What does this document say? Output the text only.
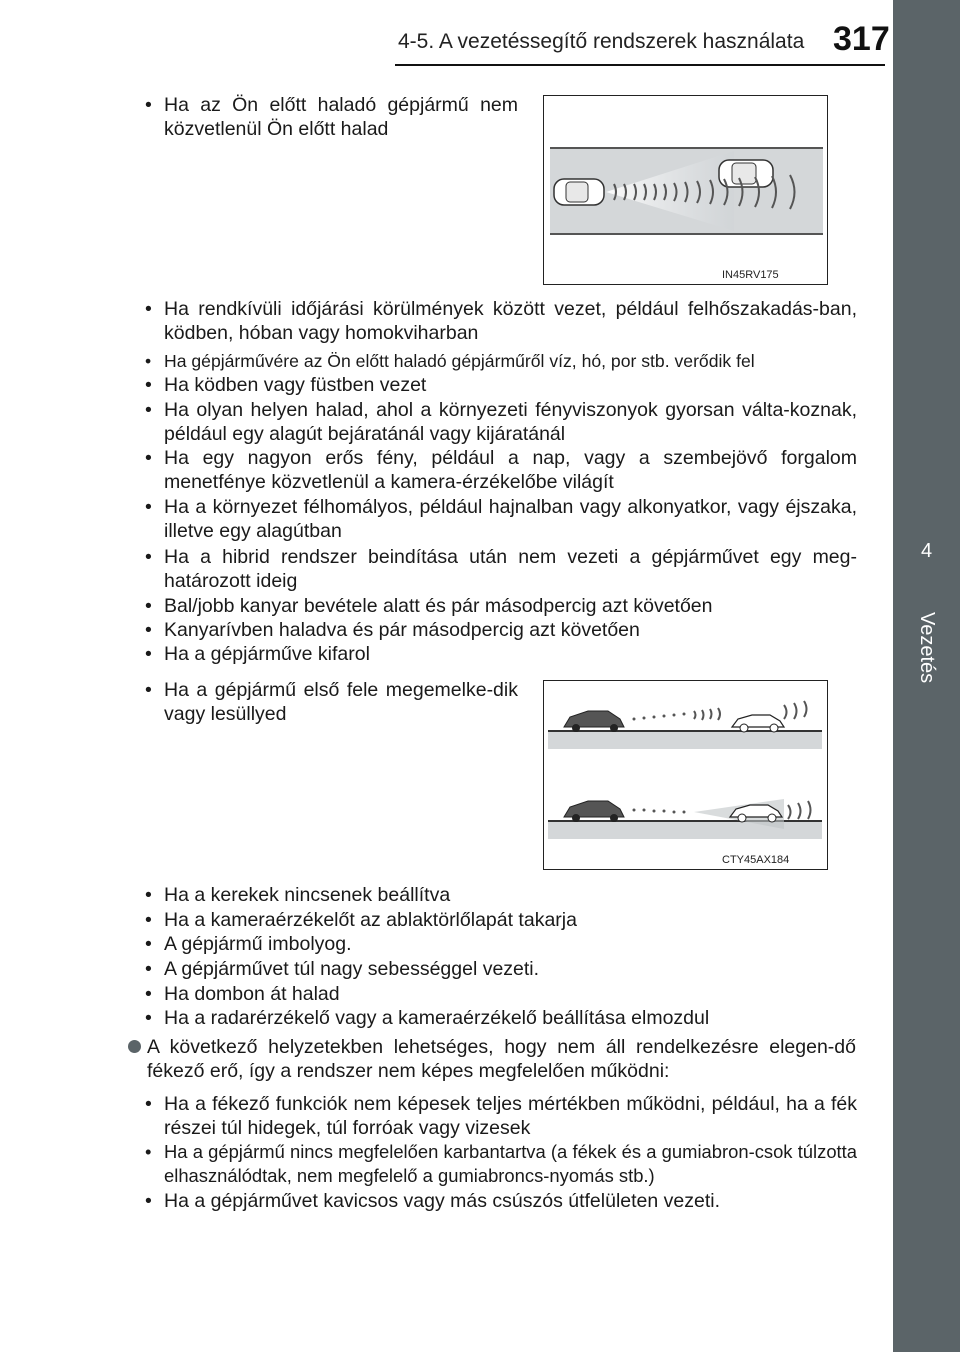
4-5. A vezetéssegítő rendszerek használata 317
4
Vezetés
• Ha az Ön előtt haladó gépjármű nem közvetlenül Ön előtt halad
IN45RV175
• Ha rendkívüli időjárási körülmények között vezet, például felhőszakadás-ban, ködben, hóban vagy homokviharban
• Ha gépjárművére az Ön előtt haladó gépjárműről víz, hó, por stb. verődik fel
• Ha ködben vagy füstben vezet
• Ha olyan helyen halad, ahol a környezeti fényviszonyok gyorsan válta-koznak, például egy alagút bejáratánál vagy kijáratánál
• Ha egy nagyon erős fény, például a nap, vagy a szembejövő forgalom menetfénye közvetlenül a kamera-érzékelőbe világít
• Ha a környezet félhomályos, például hajnalban vagy alkonyatkor, vagy éjszaka, illetve egy alagútban
• Ha a hibrid rendszer beindítása után nem vezeti a gépjárművet egy meg-határozott ideig
• Bal/jobb kanyar bevétele alatt és pár másodpercig azt követően
• Kanyarívben haladva és pár másodpercig azt követően
• Ha a gépjárműve kifarol
• Ha a gépjármű első fele megemelke-dik vagy lesüllyed
CTY45AX184
• Ha a kerekek nincsenek beállítva
• Ha a kameraérzékelőt az ablaktörlőlapát takarja
• A gépjármű imbolyog.
• A gépjárművet túl nagy sebességgel vezeti.
• Ha dombon át halad
• Ha a radarérzékelő vagy a kameraérzékelő beállítása elmozdul
A következő helyzetekben lehetséges, hogy nem áll rendelkezésre elegen-dő fékező erő, így a rendszer nem képes megfelelően működni:
• Ha a fékező funkciók nem képesek teljes mértékben működni, például, ha a fék részei túl hidegek, túl forróak vagy vizesek
• Ha a gépjármű nincs megfelelően karbantartva (a fékek és a gumiabron-csok túlzotta elhasználódtak, nem megfelelő a gumiabroncs-nyomás stb.)
• Ha a gépjárművet kavicsos vagy más csúszós útfelületen vezeti.
